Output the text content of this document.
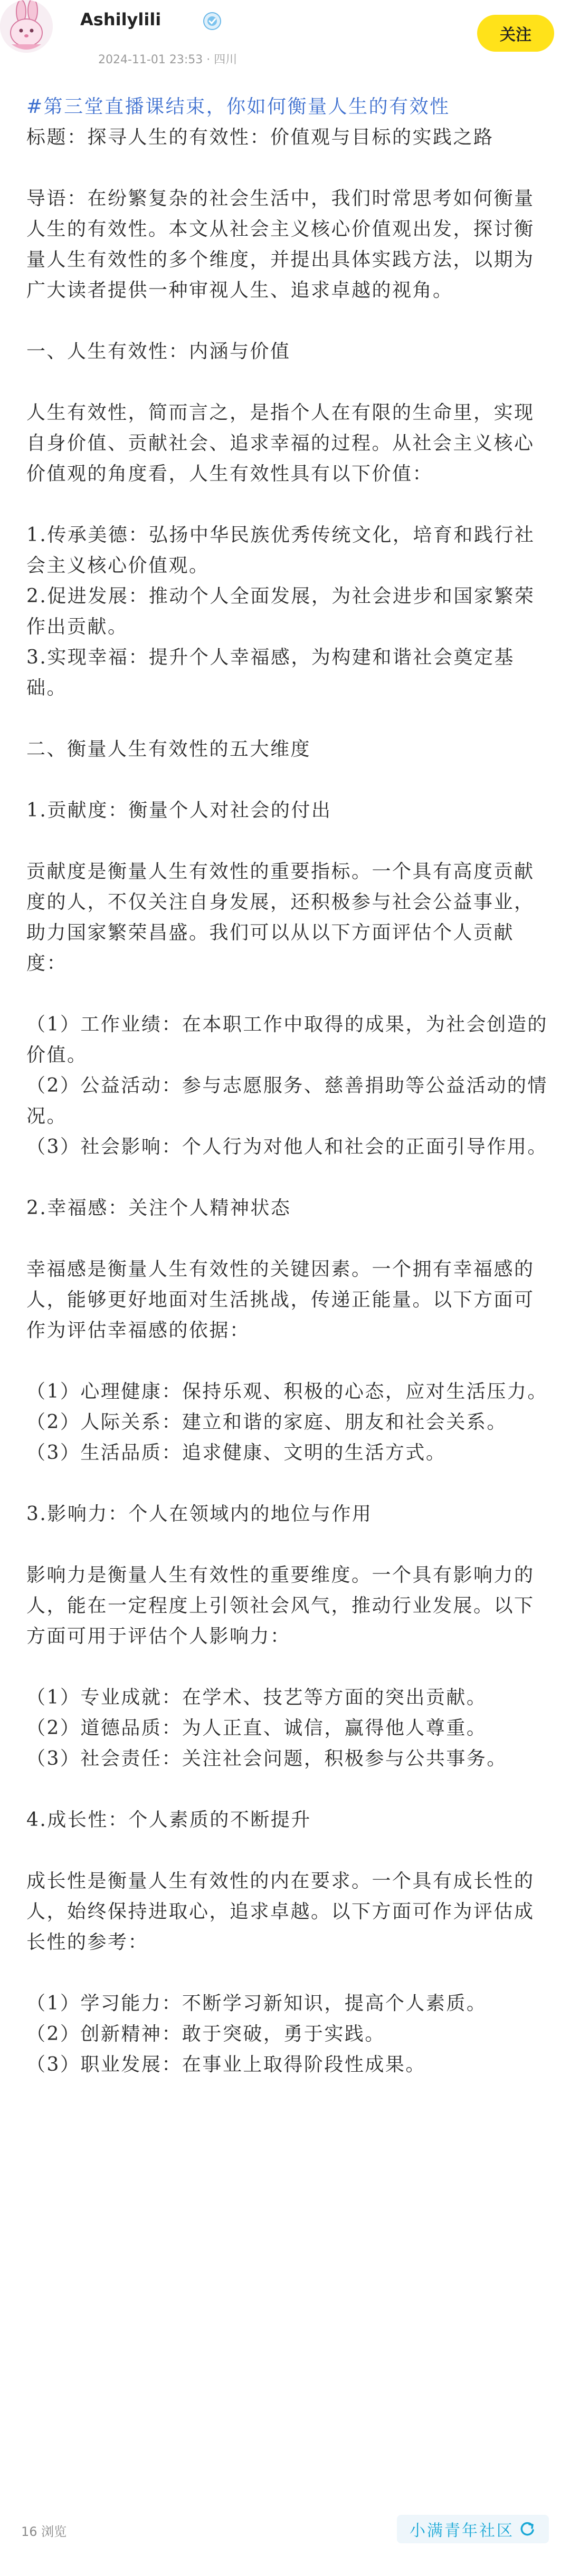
Ashilylili
2024-11-01 23:53 · 四川
关注

#第三堂直播课结束，你如何衡量人生的有效性

标题：探寻人生的有效性：价值观与目标的实践之路

导语：在纷繁复杂的社会生活中，我们时常思考如何衡量人生的有效性。本文从社会主义核心价值观出发，探讨衡量人生有效性的多个维度，并提出具体实践方法，以期为广大读者提供一种审视人生、追求卓越的视角。

一、人生有效性：内涵与价值

人生有效性，简而言之，是指个人在有限的生命里，实现自身价值、贡献社会、追求幸福的过程。从社会主义核心价值观的角度看，人生有效性具有以下价值：

1.传承美德：弘扬中华民族优秀传统文化，培育和践行社会主义核心价值观。

2.促进发展：推动个人全面发展，为社会进步和国家繁荣作出贡献。

3.实现幸福：提升个人幸福感，为构建和谐社会奠定基础。

二、衡量人生有效性的五大维度

1.贡献度：衡量个人对社会的付出

贡献度是衡量人生有效性的重要指标。一个具有高度贡献度的人，不仅关注自身发展，还积极参与社会公益事业，助力国家繁荣昌盛。我们可以从以下方面评估个人贡献度：

（1）工作业绩：在本职工作中取得的成果，为社会创造的价值。

（2）公益活动：参与志愿服务、慈善捐助等公益活动的情况。

（3）社会影响：个人行为对他人和社会的正面引导作用。

2.幸福感：关注个人精神状态

幸福感是衡量人生有效性的关键因素。一个拥有幸福感的人，能够更好地面对生活挑战，传递正能量。以下方面可作为评估幸福感的依据：

（1）心理健康：保持乐观、积极的心态，应对生活压力。

（2）人际关系：建立和谐的家庭、朋友和社会关系。

（3）生活品质：追求健康、文明的生活方式。

3.影响力：个人在领域内的地位与作用

影响力是衡量人生有效性的重要维度。一个具有影响力的人，能在一定程度上引领社会风气，推动行业发展。以下方面可用于评估个人影响力：

（1）专业成就：在学术、技艺等方面的突出贡献。

（2）道德品质：为人正直、诚信，赢得他人尊重。

（3）社会责任：关注社会问题，积极参与公共事务。

4.成长性：个人素质的不断提升

成长性是衡量人生有效性的内在要求。一个具有成长性的人，始终保持进取心，追求卓越。以下方面可作为评估成长性的参考：

（1）学习能力：不断学习新知识，提高个人素质。

（2）创新精神：敢于突破，勇于实践。

（3）职业发展：在事业上取得阶段性成果。

16 浏览	小满青年社区
